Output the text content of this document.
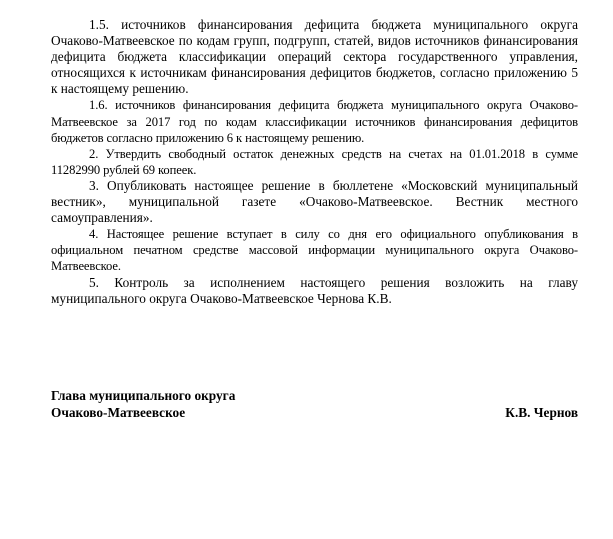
1.5. источников финансирования дефицита бюджета муниципального округа Очаково-Матвеевское по кодам групп, подгрупп, статей, видов источников финансирования дефицита бюджета классификации операций сектора государственного управления, относящихся к источникам финансирования дефицитов бюджетов, согласно приложению 5 к настоящему решению.

1.6. источников финансирования дефицита бюджета муниципального округа Очаково-Матвеевское за 2017 год по кодам классификации источников финансирования дефицитов бюджетов согласно приложению 6 к настоящему решению.

2. Утвердить свободный остаток денежных средств на счетах на 01.01.2018 в сумме 11282990 рублей 69 копеек.

3. Опубликовать настоящее решение в бюллетене «Московский муниципальный вестник», муниципальной газете «Очаково-Матвеевское. Вестник местного самоуправления».

4. Настоящее решение вступает в силу со дня его официального опубликования в официальном печатном средстве массовой информации муниципального округа Очаково-Матвеевское.

5. Контроль за исполнением настоящего решения возложить на главу муниципального округа Очаково-Матвеевское Чернова К.В.

Глава муниципального округа
Очаково-Матвеевское	К.В. Чернов
